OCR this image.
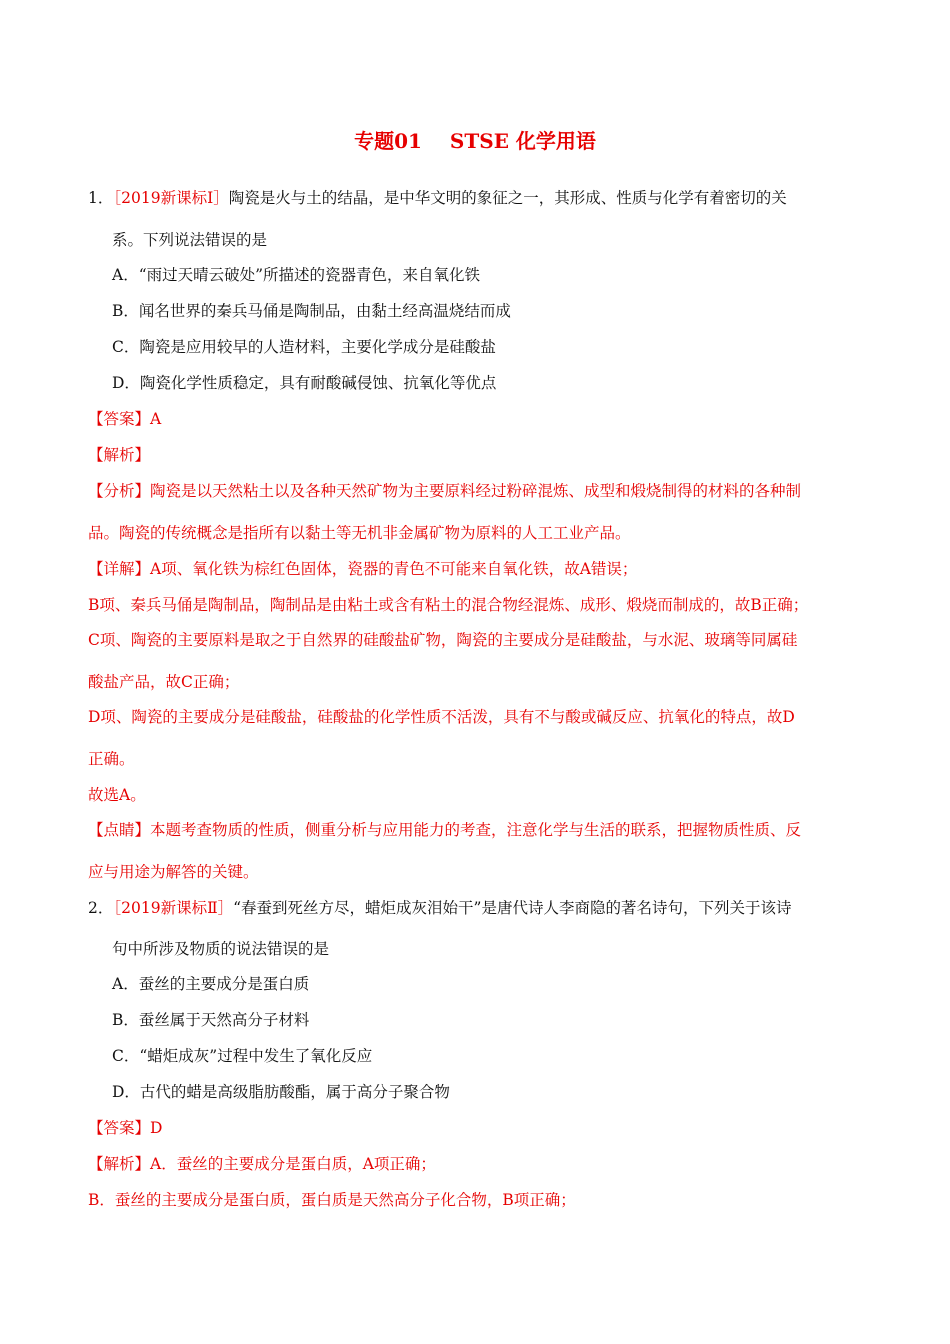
专题01 STSE 化学用语
1．［2019新课标Ⅰ］陶瓷是火与土的结晶，是中华文明的象征之一，其形成、性质与化学有着密切的关
系。下列说法错误的是
A．“雨过天晴云破处”所描述的瓷器青色，来自氧化铁
B．闻名世界的秦兵马俑是陶制品，由黏土经高温烧结而成
C．陶瓷是应用较早的人造材料，主要化学成分是硅酸盐
D．陶瓷化学性质稳定，具有耐酸碱侵蚀、抗氧化等优点
【答案】A
【解析】
【分析】陶瓷是以天然粘土以及各种天然矿物为主要原料经过粉碎混炼、成型和煅烧制得的材料的各种制
品。陶瓷的传统概念是指所有以黏土等无机非金属矿物为原料的人工工业产品。
【详解】A项、氧化铁为棕红色固体，瓷器的青色不可能来自氧化铁，故A错误；
B项、秦兵马俑是陶制品，陶制品是由粘土或含有粘土的混合物经混炼、成形、煅烧而制成的，故B正确；
C项、陶瓷的主要原料是取之于自然界的硅酸盐矿物，陶瓷的主要成分是硅酸盐，与水泥、玻璃等同属硅
酸盐产品，故C正确；
D项、陶瓷的主要成分是硅酸盐，硅酸盐的化学性质不活泼，具有不与酸或碱反应、抗氧化的特点，故D
正确。
故选A。
【点睛】本题考查物质的性质，侧重分析与应用能力的考查，注意化学与生活的联系，把握物质性质、反
应与用途为解答的关键。
2．［2019新课标Ⅱ］“春蚕到死丝方尽，蜡炬成灰泪始干”是唐代诗人李商隐的著名诗句，下列关于该诗
句中所涉及物质的说法错误的是
A．蚕丝的主要成分是蛋白质
B．蚕丝属于天然高分子材料
C．“蜡炬成灰”过程中发生了氧化反应
D．古代的蜡是高级脂肪酸酯，属于高分子聚合物
【答案】D
【解析】A．蚕丝的主要成分是蛋白质，A项正确；
B．蚕丝的主要成分是蛋白质，蛋白质是天然高分子化合物，B项正确；
